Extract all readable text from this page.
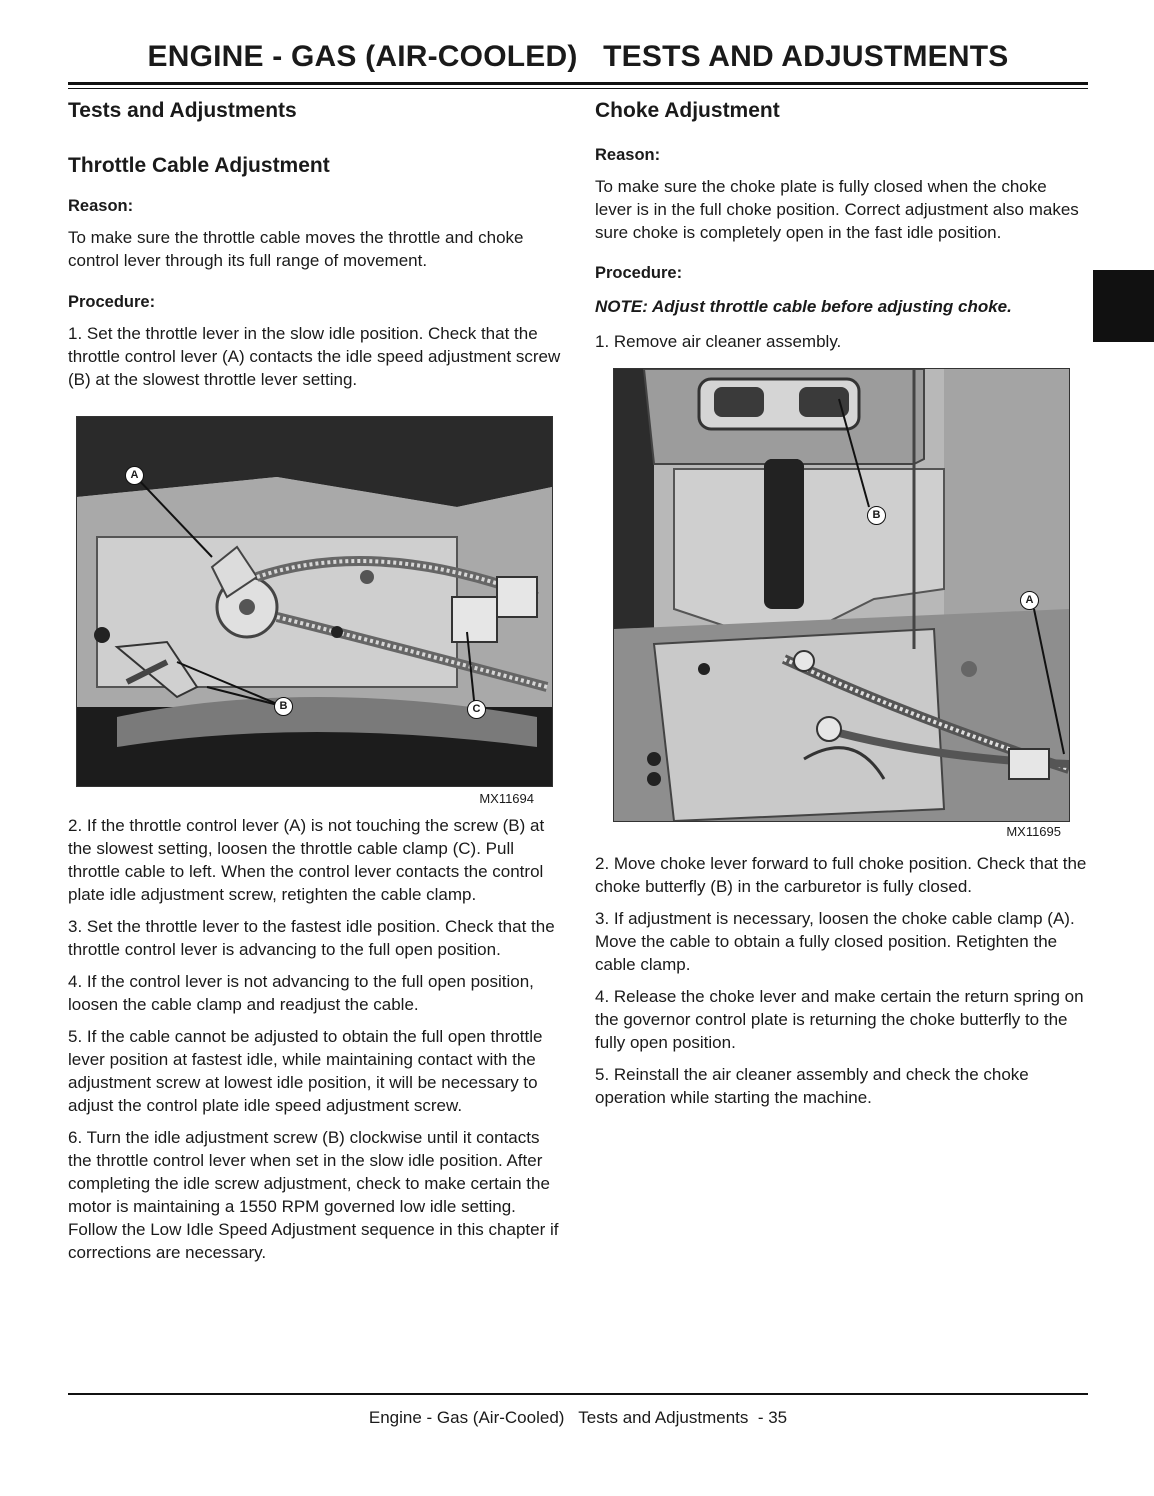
ENGINE - GAS (AIR-COOLED)   TESTS AND ADJUSTMENTS
Tests and Adjustments
Throttle Cable Adjustment
Reason:

To make sure the throttle cable moves the throttle and choke control lever through its full range of movement.

Procedure:

1. Set the throttle lever in the slow idle position. Check that the throttle control lever (A) contacts the idle speed adjustment screw (B) at the slowest throttle lever setting.

A
B	C
MX11694

2. If the throttle control lever (A) is not touching the screw (B) at the slowest setting, loosen the throttle cable clamp (C). Pull throttle cable to left. When the control lever contacts the control plate idle adjustment screw, retighten the cable clamp.

3. Set the throttle lever to the fastest idle position. Check that the throttle control lever is advancing to the full open position.

4. If the control lever is not advancing to the full open position, loosen the cable clamp and readjust the cable.

5. If the cable cannot be adjusted to obtain the full open throttle lever position at fastest idle, while maintaining contact with the adjustment screw at lowest idle position, it will be necessary to adjust the control plate idle speed adjustment screw.

6. Turn the idle adjustment screw (B) clockwise until it contacts the throttle control lever when set in the slow idle position. After completing the idle screw adjustment, check to make certain the motor is maintaining a 1550 RPM governed low idle setting. Follow the Low Idle Speed Adjustment sequence in this chapter if corrections are necessary.

Choke Adjustment
Reason:

To make sure the choke plate is fully closed when the choke lever is in the full choke position. Correct adjustment also makes sure choke is completely open in the fast idle position.

Procedure:
NOTE: Adjust throttle cable before adjusting choke.

1. Remove air cleaner assembly.

B
A
MX11695

2. Move choke lever forward to full choke position. Check that the choke butterfly (B) in the carburetor is fully closed.

3. If adjustment is necessary, loosen the choke cable clamp (A). Move the cable to obtain a fully closed position. Retighten the cable clamp.

4. Release the choke lever and make certain the return spring on the governor control plate is returning the choke butterfly to the fully open position.

5. Reinstall the air cleaner assembly and check the choke operation while starting the machine.

Engine - Gas (Air-Cooled)   Tests and Adjustments  - 35
